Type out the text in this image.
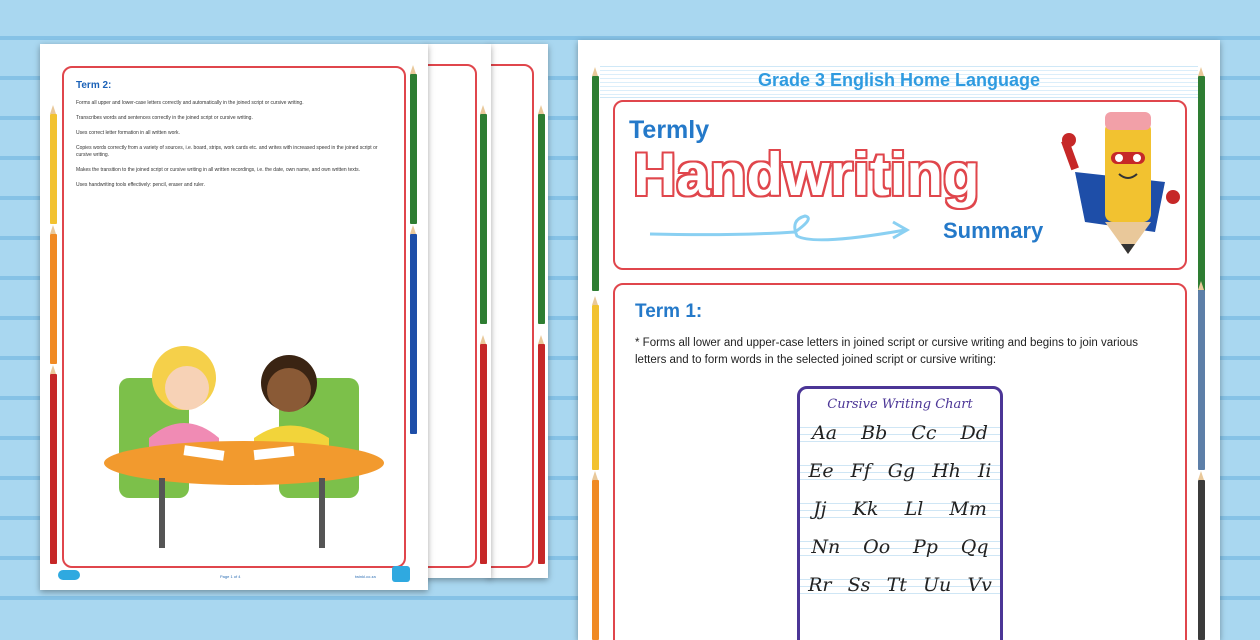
Term 2:

Forms all upper and lower-case letters correctly and automatically in the joined script or cursive writing.

Transcribes words and sentences correctly in the joined script or cursive writing.

Uses correct letter formation in all written work.

Copies words correctly from a variety of sources, i.e. board, strips, work cards etc. and writes with increased speed in the joined script or cursive writing.

Makes the transition to the joined script or cursive writing in all written recordings, i.e. the date, own name, and own written texts.

Uses handwriting tools effectively: pencil, eraser and ruler.

Page 1 of 4	twinkl.co.za
Grade 3 English Home Language
Termly
Handwriting
Summary
Term 1:
* Forms all lower and upper-case letters in joined script or cursive writing and begins to join various letters and to form words in the selected joined script or cursive writing:
Cursive Writing Chart
Aa Bb Cc Dd
Ee Ff Gg Hh Ii
Jj Kk Ll Mm
Nn Oo Pp Qq
Rr Ss Tt Uu Vv
